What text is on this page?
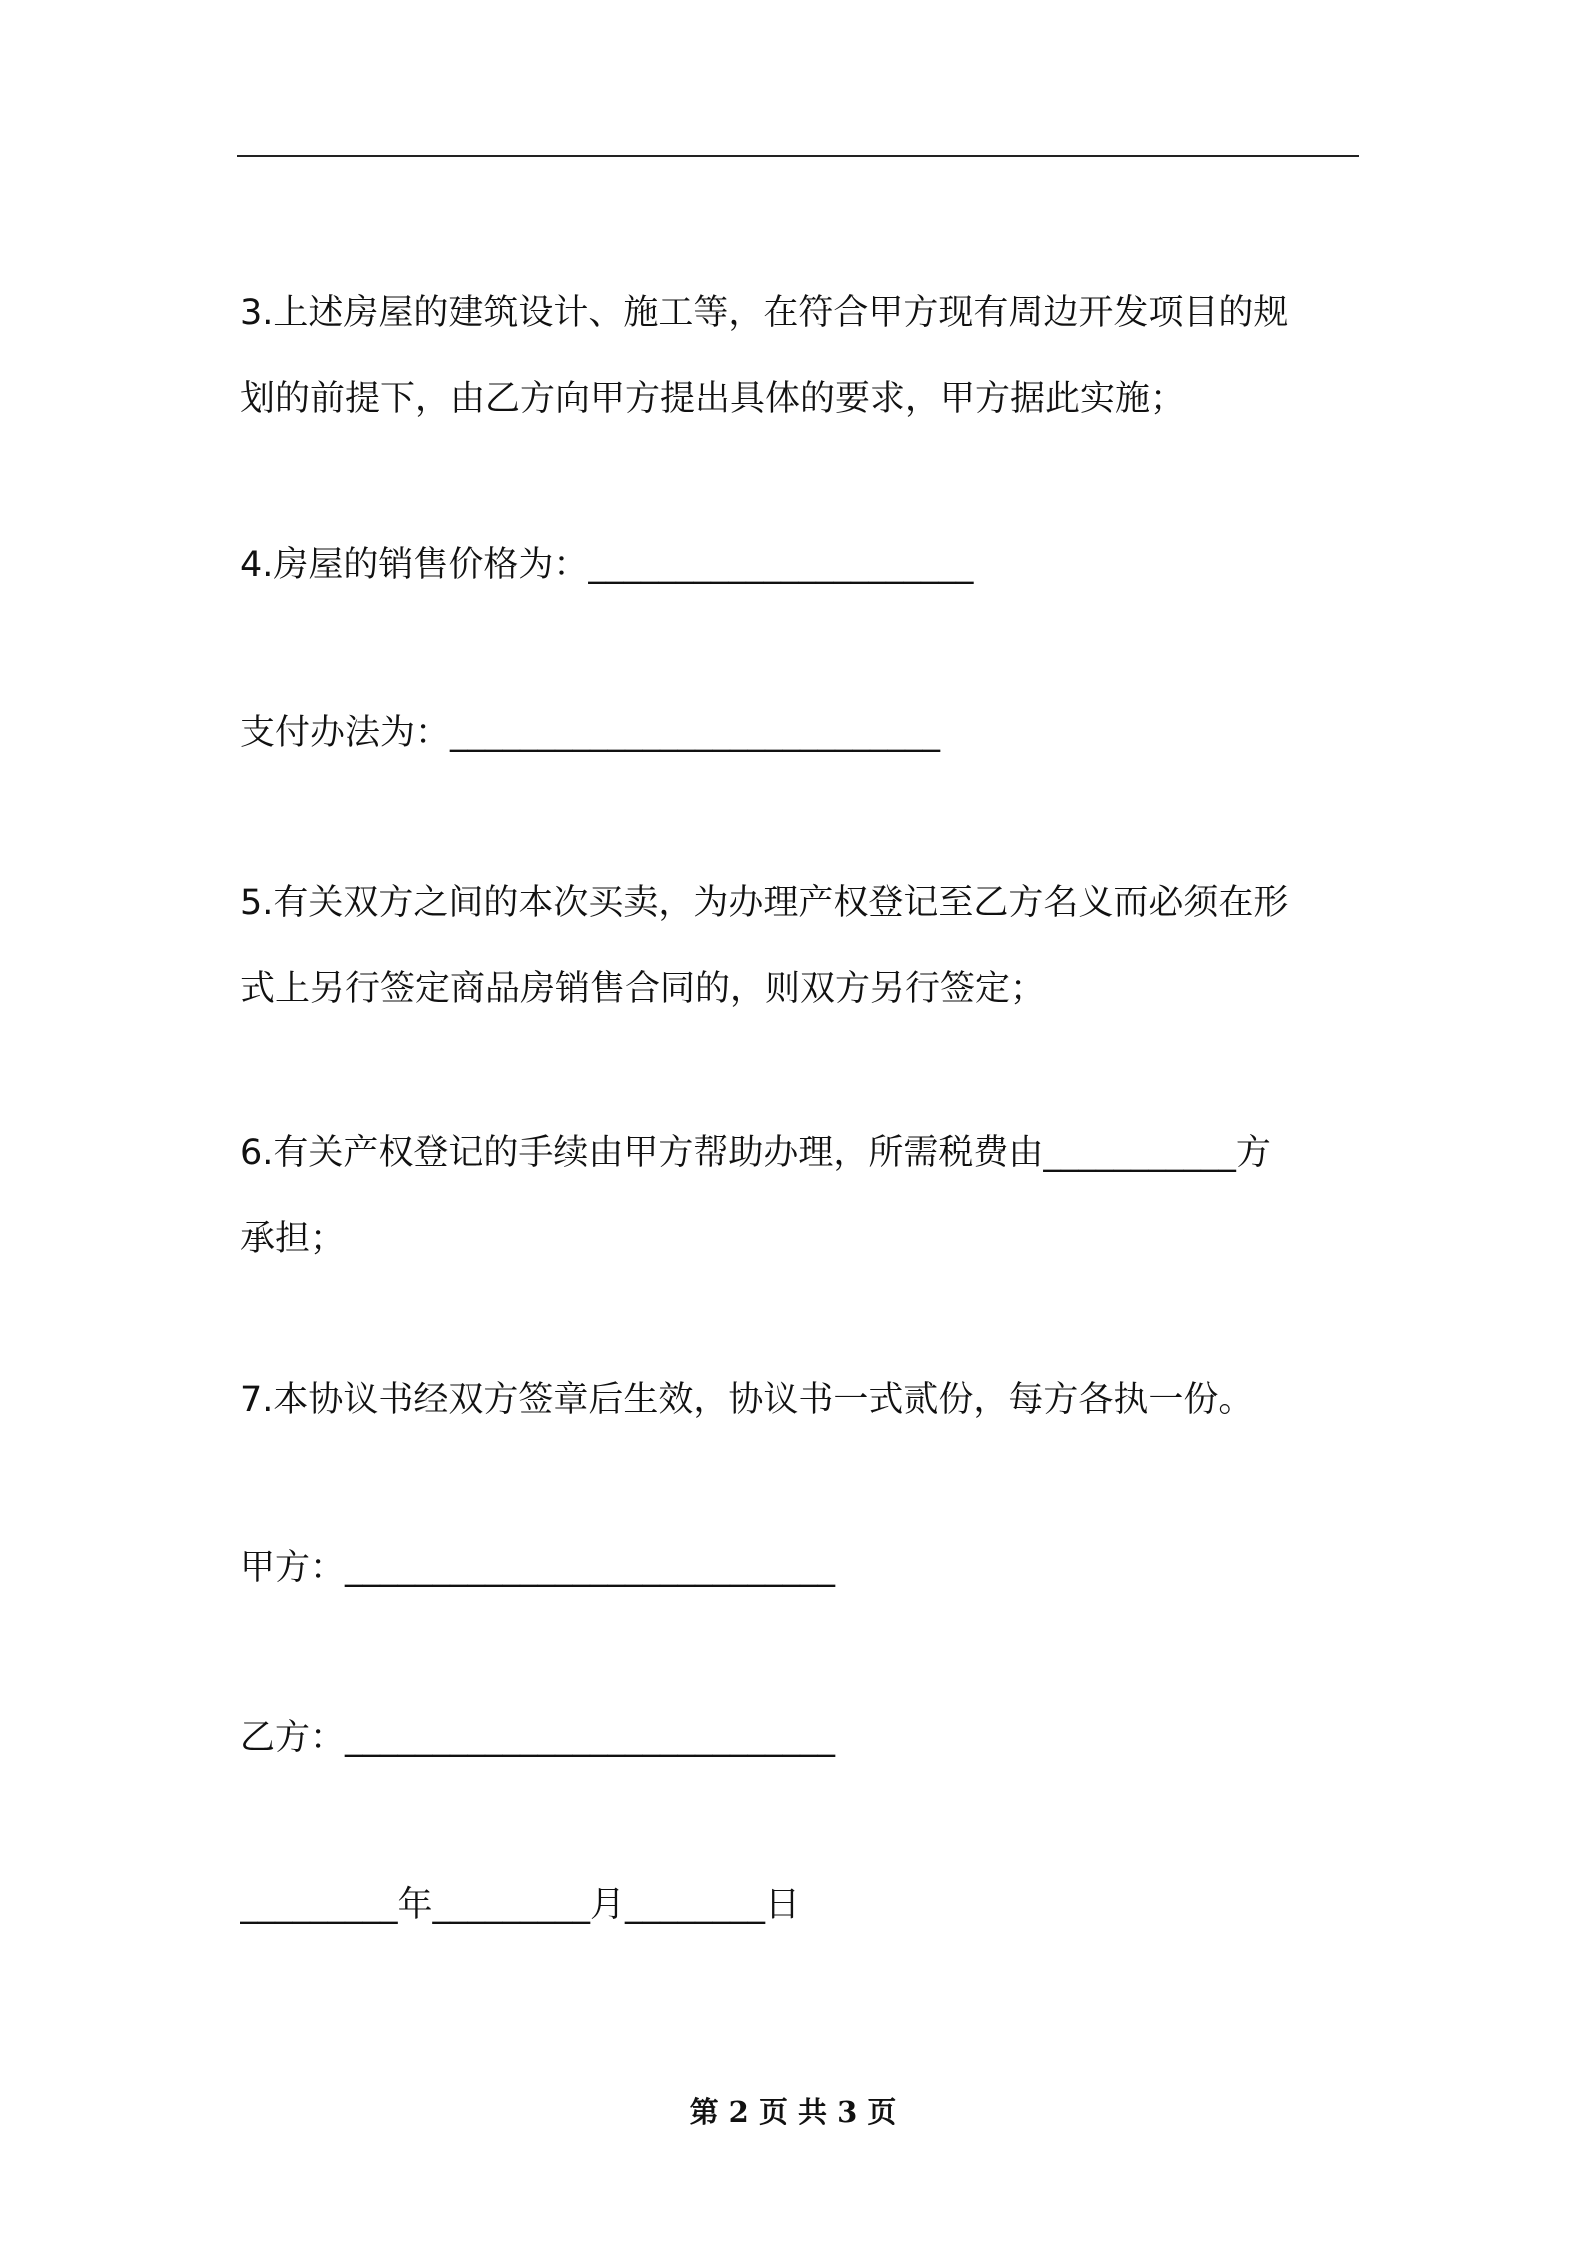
3.上述房屋的建筑设计、施工等，在符合甲方现有周边开发项目的规
划的前提下，由乙方向甲方提出具体的要求，甲方据此实施；
4.房屋的销售价格为：______________________
支付办法为：____________________________
5.有关双方之间的本次买卖，为办理产权登记至乙方名义而必须在形
式上另行签定商品房销售合同的，则双方另行签定；
6.有关产权登记的手续由甲方帮助办理，所需税费由___________方
承担；
7.本协议书经双方签章后生效，协议书一式贰份，每方各执一份。
甲方：____________________________
乙方：____________________________
_________年_________月________日
第 2 页 共 3 页
